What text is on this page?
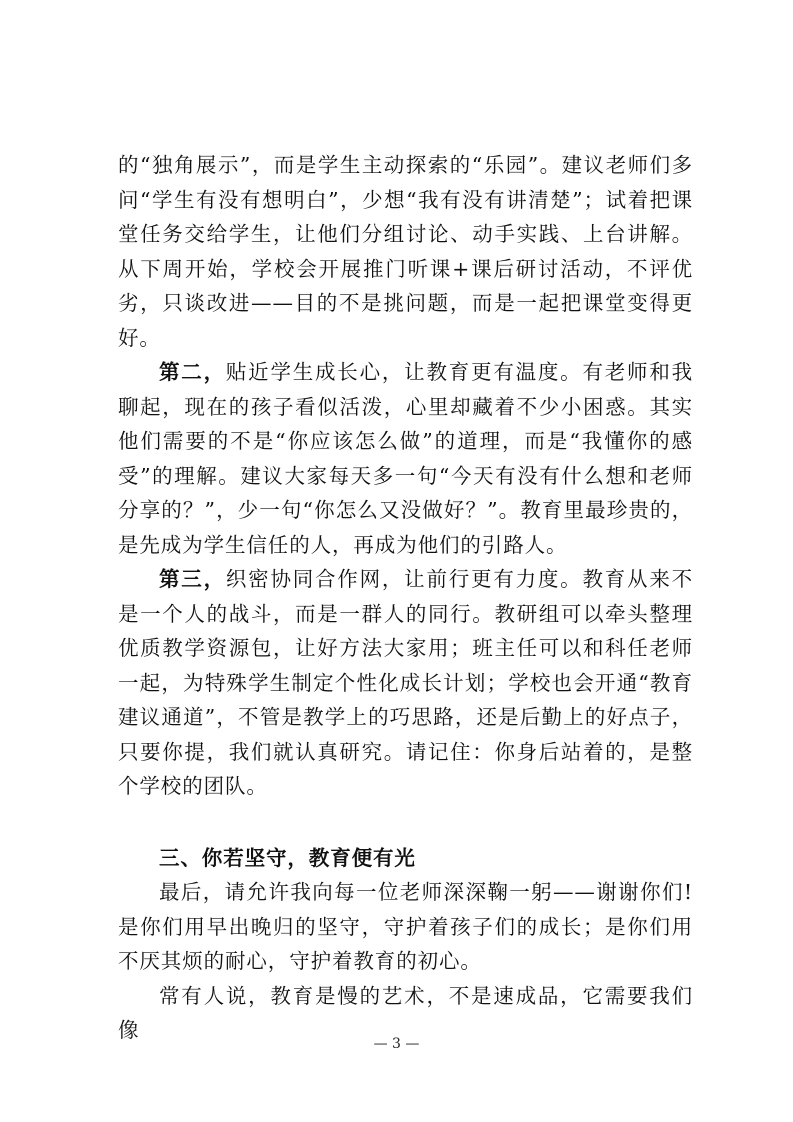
的“独角展示”，而是学生主动探索的“乐园”。建议老师们多问“学生有没有想明白”，少想“我有没有讲清楚”；试着把课堂任务交给学生，让他们分组讨论、动手实践、上台讲解。从下周开始，学校会开展推门听课+课后研讨活动，不评优劣，只谈改进——目的不是挑问题，而是一起把课堂变得更好。

第二，贴近学生成长心，让教育更有温度。有老师和我聊起，现在的孩子看似活泼，心里却藏着不少小困惑。其实他们需要的不是“你应该怎么做”的道理，而是“我懂你的感受”的理解。建议大家每天多一句“今天有没有什么想和老师分享的？”，少一句“你怎么又没做好？”。教育里最珍贵的，是先成为学生信任的人，再成为他们的引路人。

第三，织密协同合作网，让前行更有力度。教育从来不是一个人的战斗，而是一群人的同行。教研组可以牵头整理优质教学资源包，让好方法大家用；班主任可以和科任老师一起，为特殊学生制定个性化成长计划；学校也会开通“教育建议通道”，不管是教学上的巧思路，还是后勤上的好点子，只要你提，我们就认真研究。请记住：你身后站着的，是整个学校的团队。

三、你若坚守，教育便有光

最后，请允许我向每一位老师深深鞠一躬——谢谢你们!是你们用早出晚归的坚守，守护着孩子们的成长；是你们用不厌其烦的耐心，守护着教育的初心。

常有人说，教育是慢的艺术，不是速成品，它需要我们像

— 3 —
